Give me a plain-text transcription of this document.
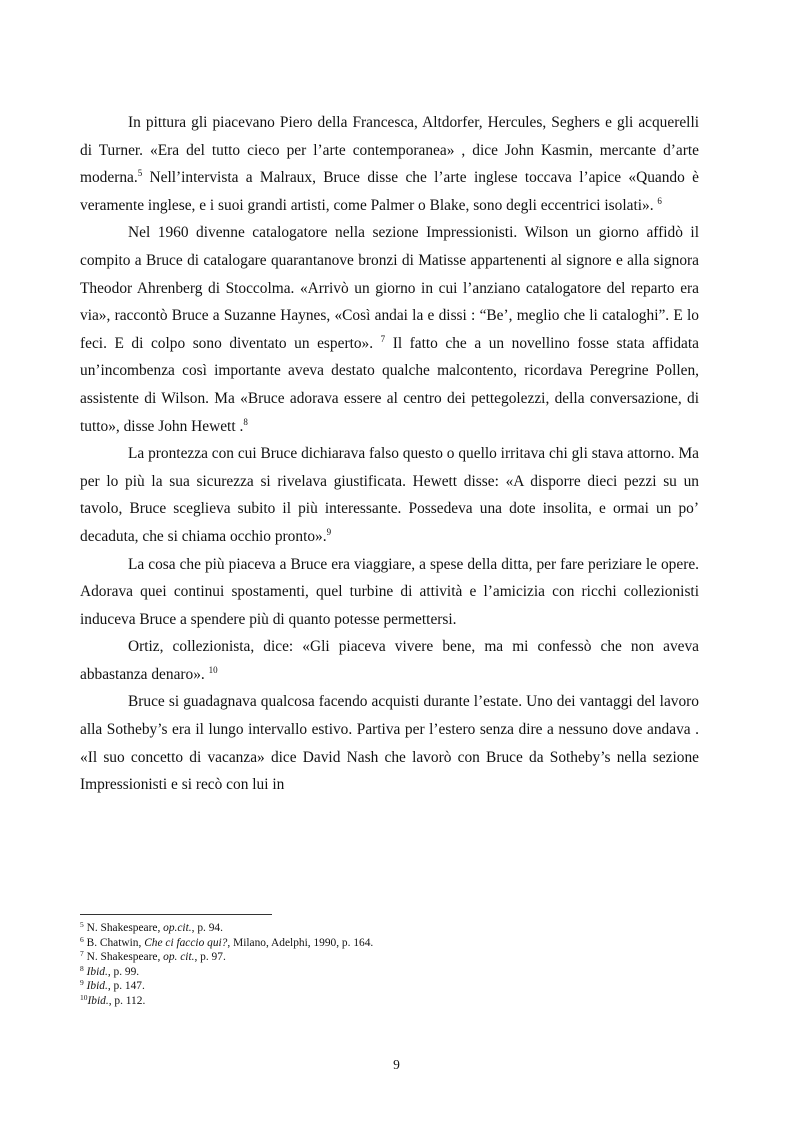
In pittura gli piacevano Piero della Francesca, Altdorfer, Hercules, Seghers e gli acquerelli di Turner. «Era del tutto cieco per l’arte contemporanea» , dice John Kasmin, mercante d’arte moderna.$^5$ Nell’intervista a Malraux, Bruce disse che l’arte inglese toccava l’apice «Quando è veramente inglese, e i suoi grandi artisti, come Palmer o Blake, sono degli eccentrici isolati». $^6$

Nel 1960 divenne catalogatore nella sezione Impressionisti. Wilson un giorno affidò il compito a Bruce di catalogare quarantanove bronzi di Matisse appartenenti al signore e alla signora Theodor Ahrenberg di Stoccolma. «Arrivò un giorno in cui l’anziano catalogatore del reparto era via», raccontò Bruce a Suzanne Haynes, «Così andai la e dissi : “Be’, meglio che li cataloghi”. E lo feci. E di colpo sono diventato un esperto». $^7$ Il fatto che a un novellino fosse stata affidata un’incombenza così importante aveva destato qualche malcontento, ricordava Peregrine Pollen, assistente di Wilson. Ma «Bruce adorava essere al centro dei pettegolezzi, della conversazione, di tutto», disse John Hewett .$^8$

La prontezza con cui Bruce dichiarava falso questo o quello irritava chi gli stava attorno. Ma per lo più la sua sicurezza si rivelava giustificata. Hewett disse: «A disporre dieci pezzi su un tavolo, Bruce sceglieva subito il più interessante. Possedeva una dote insolita, e ormai un po’ decaduta, che si chiama occhio pronto».$^9$

La cosa che più piaceva a Bruce era viaggiare, a spese della ditta, per fare periziare le opere. Adorava quei continui spostamenti, quel turbine di attività e l’amicizia con ricchi collezionisti induceva Bruce a spendere più di quanto potesse permettersi.

Ortiz, collezionista, dice: «Gli piaceva vivere bene, ma mi confessò che non aveva abbastanza denaro». $^{10}$

Bruce si guadagnava qualcosa facendo acquisti durante l’estate. Uno dei vantaggi del lavoro alla Sotheby’s era il lungo intervallo estivo. Partiva per l’estero senza dire a nessuno dove andava . «Il suo concetto di vacanza» dice David Nash che lavorò con Bruce da Sotheby’s nella sezione Impressionisti e si recò con lui in

$^5$ N. Shakespeare, op.cit., p. 94.

$^6$ B. Chatwin, Che ci faccio qui?, Milano, Adelphi, 1990, p. 164.

$^7$ N. Shakespeare, op. cit., p. 97.

$^8$ Ibid., p. 99.

$^9$ Ibid., p. 147.

$^{10}$Ibid., p. 112.

9
